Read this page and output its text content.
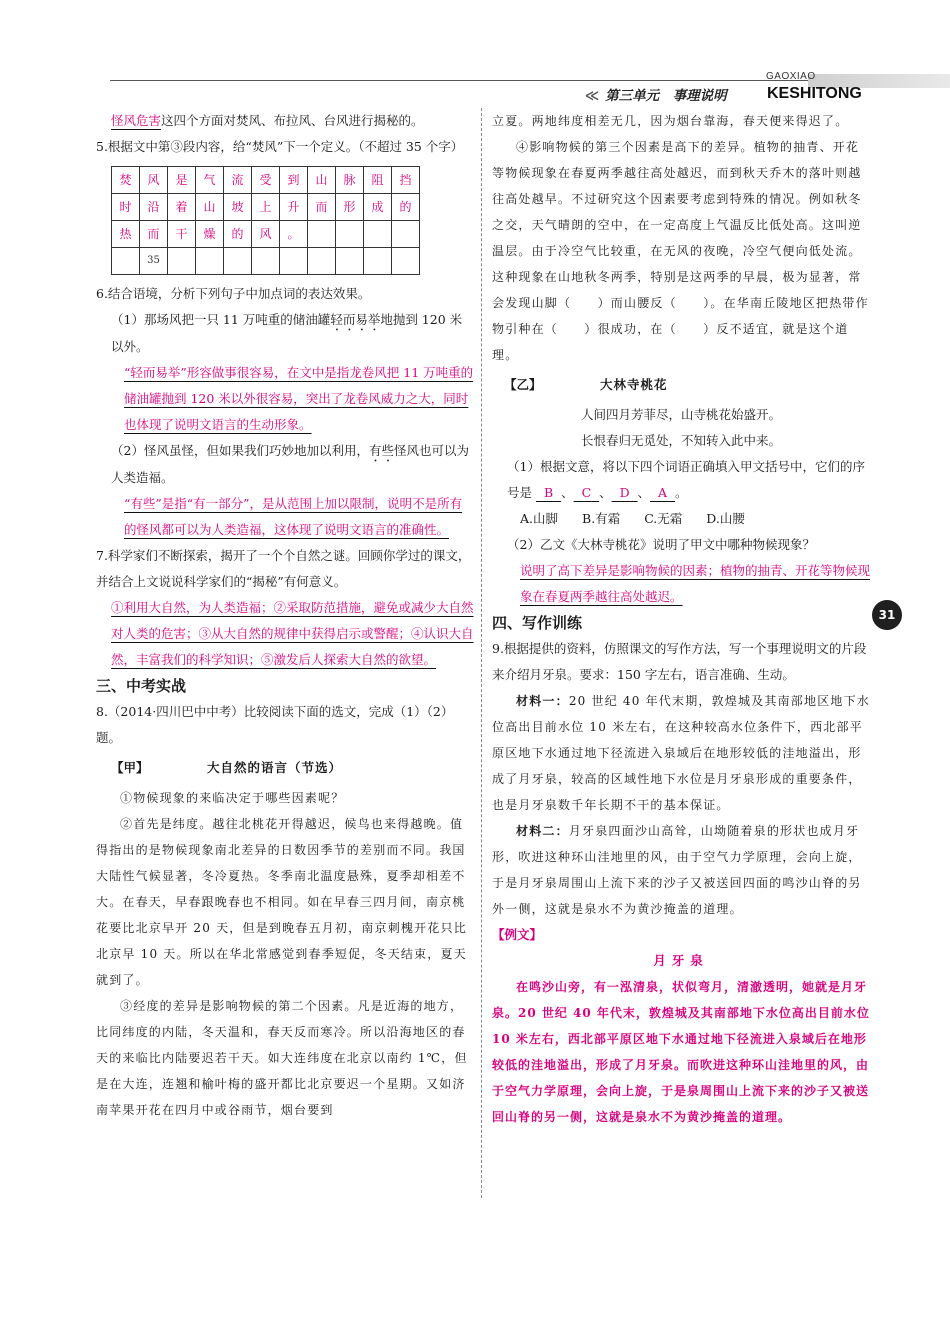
≪ 第三单元　事理说明
GAOXIAO
KESHITONG
31

怪风危害这四个方面对焚风、布拉风、台风进行揭秘的。

5.根据文中第③段内容，给“焚风”下一个定义。（不超过 35 个字）

焚	风	是	气	流	受	到	山	脉	阻	挡
时	沿	着	山	坡	上	升	而	形	成	的
热	而	干	燥	的	风	。				
	35									

6.结合语境，分析下列句子中加点词的表达效果。

（1）那场风把一只 11 万吨重的储油罐轻而易举地抛到 120 米以外。

“轻而易举”形容做事很容易，在文中是指龙卷风把 11 万吨重的储油罐抛到 120 米以外很容易，突出了龙卷风威力之大，同时也体现了说明文语言的生动形象。

（2）怪风虽怪，但如果我们巧妙地加以利用，有些怪风也可以为人类造福。

“有些”是指“有一部分”，是从范围上加以限制，说明不是所有的怪风都可以为人类造福，这体现了说明文语言的准确性。

7.科学家们不断探索，揭开了一个个自然之谜。回顾你学过的课文，并结合上文说说科学家们的“揭秘”有何意义。

①利用大自然，为人类造福；②采取防范措施，避免或减少大自然对人类的危害；③从大自然的规律中获得启示或警醒；④认识大自然，丰富我们的科学知识；⑤激发后人探索大自然的欲望。

三、中考实战

8.（2014·四川巴中中考）比较阅读下面的选文，完成（1）（2）题。

【甲】	大自然的语言（节选）

①物候现象的来临决定于哪些因素呢？

②首先是纬度。越往北桃花开得越迟，候鸟也来得越晚。值得指出的是物候现象南北差异的日数因季节的差别而不同。我国大陆性气候显著，冬冷夏热。冬季南北温度悬殊，夏季却相差不大。在春天，早春跟晚春也不相同。如在早春三四月间，南京桃花要比北京早开 20 天，但是到晚春五月初，南京刺槐开花只比北京早 10 天。所以在华北常感觉到春季短促，冬天结束，夏天就到了。

③经度的差异是影响物候的第二个因素。凡是近海的地方，比同纬度的内陆，冬天温和，春天反而寒冷。所以沿海地区的春天的来临比内陆要迟若干天。如大连纬度在北京以南约 1℃，但是在大连，连翘和榆叶梅的盛开都比北京要迟一个星期。又如济南苹果开花在四月中或谷雨节，烟台要到

立夏。两地纬度相差无几，因为烟台靠海，春天便来得迟了。

④影响物候的第三个因素是高下的差异。植物的抽青、开花等物候现象在春夏两季越往高处越迟，而到秋天乔木的落叶则越往高处越早。不过研究这个因素要考虑到特殊的情况。例如秋冬之交，天气晴朗的空中，在一定高度上气温反比低处高。这叫逆温层。由于冷空气比较重，在无风的夜晚，冷空气便向低处流。这种现象在山地秋冬两季，特别是这两季的早晨，极为显著，常会发现山脚（　　）而山腰反（　　）。在华南丘陵地区把热带作物引种在（　　）很成功，在（　　）反不适宜，就是这个道理。

【乙】	大林寺桃花

人间四月芳菲尽，山寺桃花始盛开。

长恨春归无觅处，不知转入此中来。

（1）根据文意，将以下四个词语正确填入甲文括号中，它们的序号是 B 、 C 、 D 、 A 。

A.山脚 B.有霜 C.无霜 D.山腰

（2）乙文《大林寺桃花》说明了甲文中哪种物候现象？

说明了高下差异是影响物候的因素；植物的抽青、开花等物候现象在春夏两季越往高处越迟。

四、写作训练

9.根据提供的资料，仿照课文的写作方法，写一个事理说明文的片段来介绍月牙泉。要求：150 字左右，语言准确、生动。

材料一：20 世纪 40 年代末期，敦煌城及其南部地区地下水位高出目前水位 10 米左右，在这种较高水位条件下，西北部平原区地下水通过地下径流进入泉域后在地形较低的洼地溢出，形成了月牙泉，较高的区域性地下水位是月牙泉形成的重要条件，也是月牙泉数千年长期不干的基本保证。

材料二：月牙泉四面沙山高耸，山坳随着泉的形状也成月牙形，吹进这种环山洼地里的风，由于空气力学原理，会向上旋，于是月牙泉周围山上流下来的沙子又被送回四面的鸣沙山脊的另外一侧，这就是泉水不为黄沙掩盖的道理。

【例文】

月牙泉

在鸣沙山旁，有一泓清泉，状似弯月，清澈透明，她就是月牙泉。20 世纪 40 年代末，敦煌城及其南部地下水位高出目前水位 10 米左右，西北部平原区地下水通过地下径流进入泉域后在地形较低的洼地溢出，形成了月牙泉。而吹进这种环山洼地里的风，由于空气力学原理，会向上旋，于是泉周围山上流下来的沙子又被送回山脊的另一侧，这就是泉水不为黄沙掩盖的道理。
